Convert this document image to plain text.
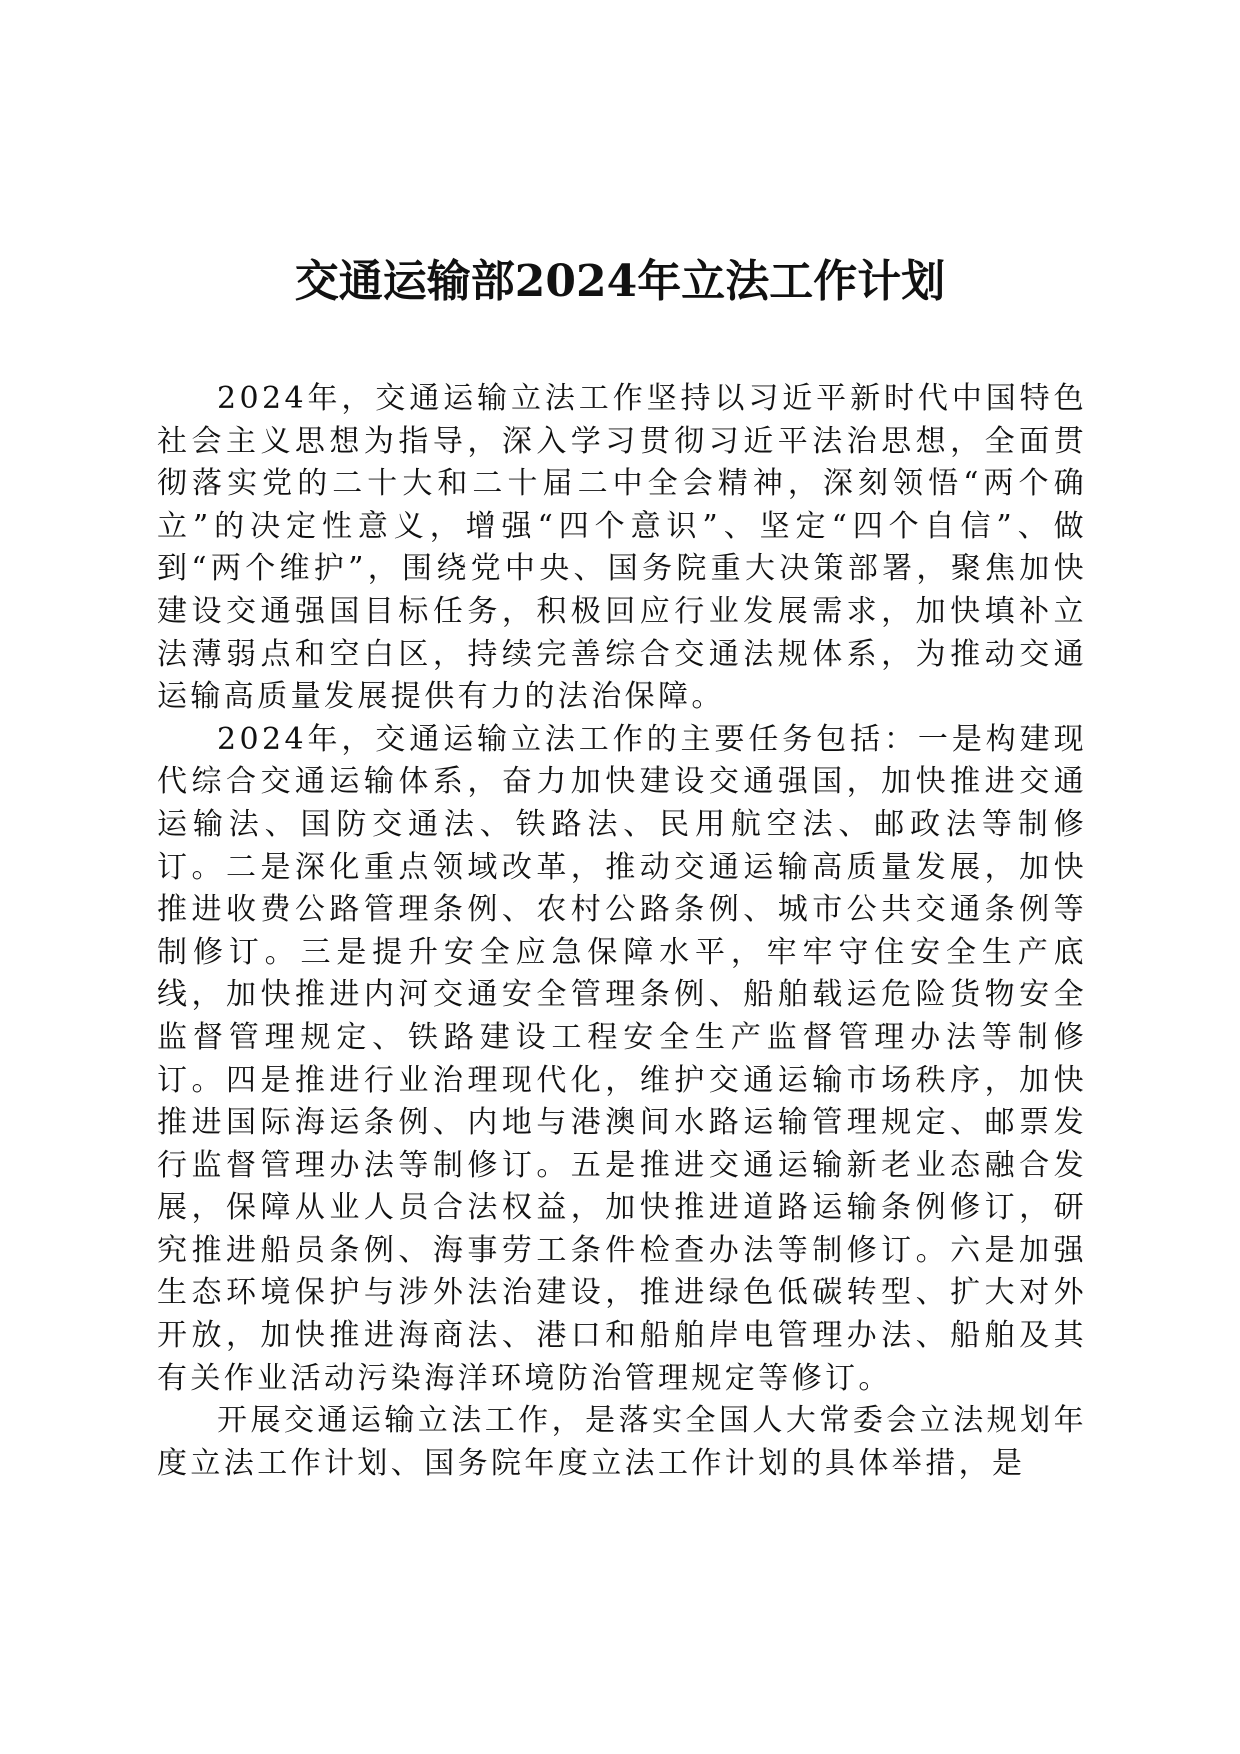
交通运输部2024年立法工作计划

2024年，交通运输立法工作坚持以习近平新时代中国特色社会主义思想为指导，深入学习贯彻习近平法治思想，全面贯彻落实党的二十大和二十届二中全会精神，深刻领悟“两个确立”的决定性意义，增强“四个意识”、坚定“四个自信”、做到“两个维护”，围绕党中央、国务院重大决策部署，聚焦加快建设交通强国目标任务，积极回应行业发展需求，加快填补立法薄弱点和空白区，持续完善综合交通法规体系，为推动交通运输高质量发展提供有力的法治保障。

2024年，交通运输立法工作的主要任务包括：一是构建现代综合交通运输体系，奋力加快建设交通强国，加快推进交通运输法、国防交通法、铁路法、民用航空法、邮政法等制修订。二是深化重点领域改革，推动交通运输高质量发展，加快推进收费公路管理条例、农村公路条例、城市公共交通条例等制修订。三是提升安全应急保障水平，牢牢守住安全生产底线，加快推进内河交通安全管理条例、船舶载运危险货物安全监督管理规定、铁路建设工程安全生产监督管理办法等制修订。四是推进行业治理现代化，维护交通运输市场秩序，加快推进国际海运条例、内地与港澳间水路运输管理规定、邮票发行监督管理办法等制修订。五是推进交通运输新老业态融合发展，保障从业人员合法权益，加快推进道路运输条例修订，研究推进船员条例、海事劳工条件检查办法等制修订。六是加强生态环境保护与涉外法治建设，推进绿色低碳转型、扩大对外开放，加快推进海商法、港口和船舶岸电管理办法、船舶及其有关作业活动污染海洋环境防治管理规定等修订。

开展交通运输立法工作，是落实全国人大常委会立法规划年度立法工作计划、国务院年度立法工作计划的具体举措，是
